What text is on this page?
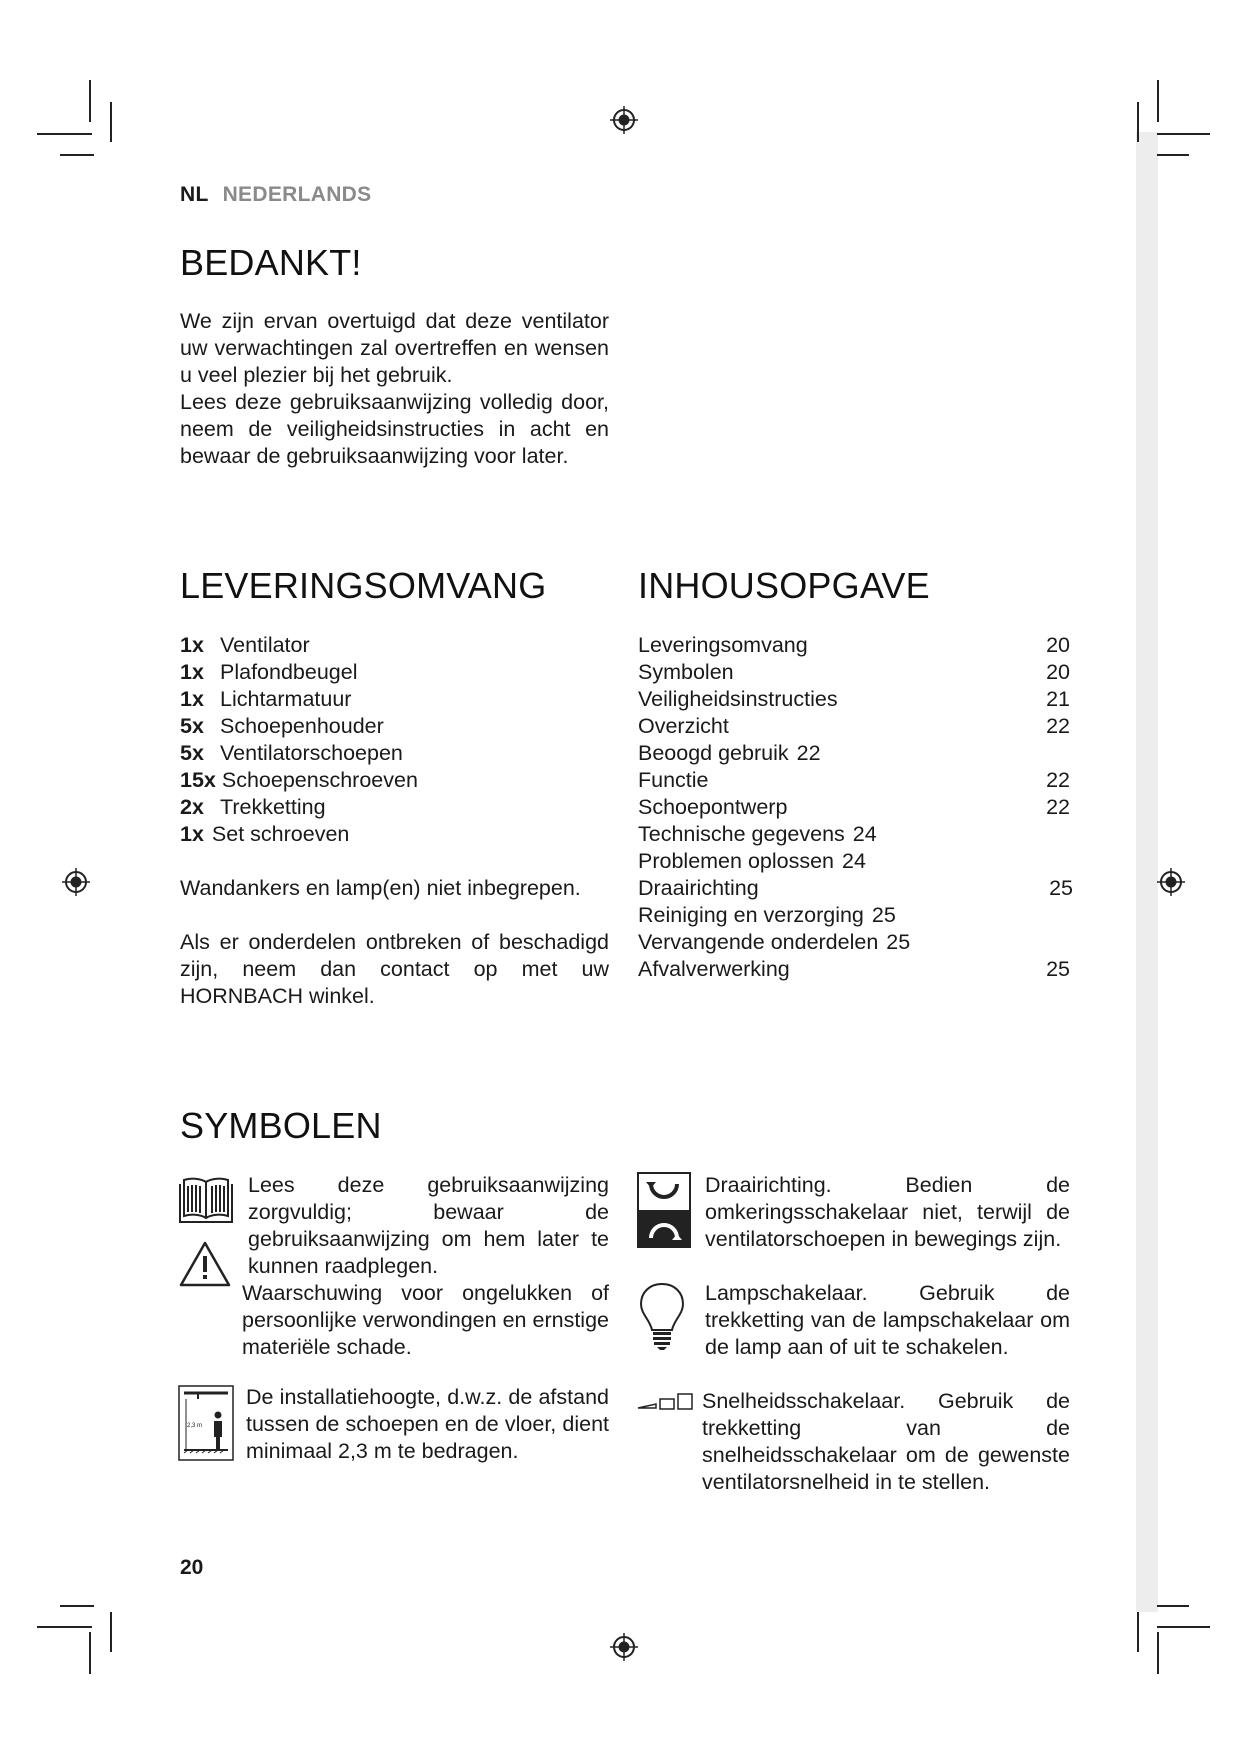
NL NEDERLANDS
BEDANKT!

We zijn ervan overtuigd dat deze ventilator uw verwachtingen zal overtreffen en wensen u veel plezier bij het gebruik.

Lees deze gebruiksaanwijzing volledig door, neem de veiligheidsinstructies in acht en bewaar de gebruiksaanwijzing voor later.

LEVERINGSOMVANG
1x Ventilator
1x Plafondbeugel
1x Lichtarmatuur
5x Schoepenhouder
5x Ventilatorschoepen
15x Schoepenschroeven
2x Trekketting
1x Set schroeven
Wandankers en lamp(en) niet inbegrepen.
Als er onderdelen ontbreken of beschadigd zijn, neem dan contact op met uw HORNBACH winkel.
INHOUSOPGAVE
Leveringsomvang	20
Symbolen	20
Veiligheidsinstructies	21
Overzicht	22
Beoogd gebruik 22
Functie	22
Schoepontwerp	22
Technische gegevens 24
Problemen oplossen 24
Draairichting	25
Reiniging en verzorging 25
Vervangende onderdelen 25
Afvalverwerking	25
SYMBOLEN
Lees deze gebruiksaanwijzing zorgvuldig; bewaar de gebruiksaanwijzing om hem later te kunnen raadplegen.
Waarschuwing voor ongelukken of persoonlijke verwondingen en ernstige materiële schade.
2,3 m
De installatiehoogte, d.w.z. de afstand tussen de schoepen en de vloer, dient minimaal 2,3 m te bedragen.
Draairichting. Bedien de omkeringsschakelaar niet, terwijl de ventilatorschoepen in bewegings zijn.
Lampschakelaar. Gebruik de trekketting van de lampschakelaar om de lamp aan of uit te schakelen.
Snelheidsschakelaar. Gebruik de trekketting van de snelheidsschakelaar om de gewenste ventilatorsnelheid in te stellen.
20
